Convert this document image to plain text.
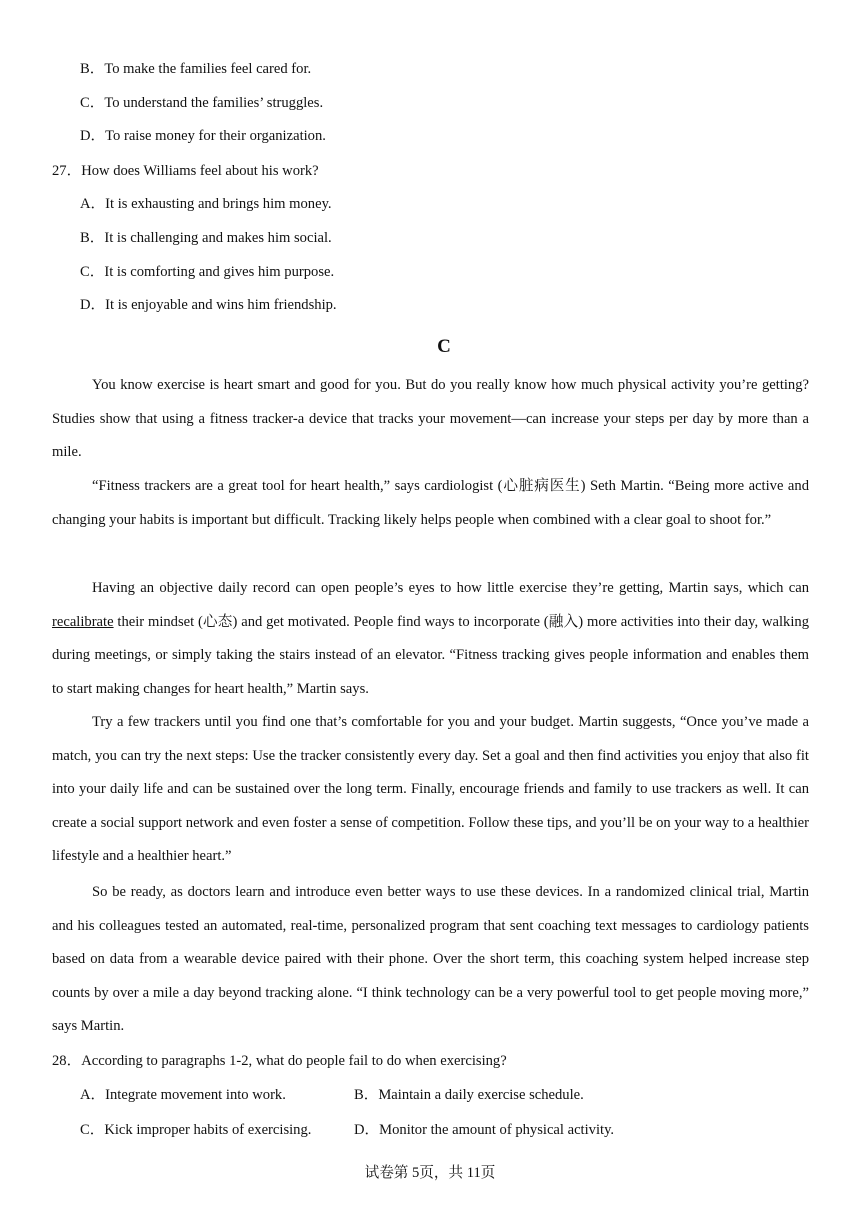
B．To make the families feel cared for.
C．To understand the families’ struggles.
D．To raise money for their organization.
27．How does Williams feel about his work?
A．It is exhausting and brings him money.
B．It is challenging and makes him social.
C．It is comforting and gives him purpose.
D．It is enjoyable and wins him friendship.
C

You know exercise is heart smart and good for you. But do you really know how much physical activity you’re getting? Studies show that using a fitness tracker-a device that tracks your movement—can increase your steps per day by more than a mile.

“Fitness trackers are a great tool for heart health,” says cardiologist (心脏病医生) Seth Martin. “Being more active and changing your habits is important but difficult. Tracking likely helps people when combined with a clear goal to shoot for.”

Having an objective daily record can open people’s eyes to how little exercise they’re getting, Martin says, which can recalibrate their mindset (心态) and get motivated. People find ways to incorporate (融入) more activities into their day, walking during meetings, or simply taking the stairs instead of an elevator. “Fitness tracking gives people information and enables them to start making changes for heart health,” Martin says.

Try a few trackers until you find one that’s comfortable for you and your budget. Martin suggests, “Once you’ve made a match, you can try the next steps: Use the tracker consistently every day. Set a goal and then find activities you enjoy that also fit into your daily life and can be sustained over the long term. Finally, encourage friends and family to use trackers as well. It can create a social support network and even foster a sense of competition. Follow these tips, and you’ll be on your way to a healthier lifestyle and a healthier heart.”

So be ready, as doctors learn and introduce even better ways to use these devices. In a randomized clinical trial, Martin and his colleagues tested an automated, real-time, personalized program that sent coaching text messages to cardiology patients based on data from a wearable device paired with their phone. Over the short term, this coaching system helped increase step counts by over a mile a day beyond tracking alone. “I think technology can be a very powerful tool to get people moving more,” says Martin.

28．According to paragraphs 1-2, what do people fail to do when exercising?
A．Integrate movement into work.	B．Maintain a daily exercise schedule.
C．Kick improper habits of exercising.	D．Monitor the amount of physical activity.
试卷第 5页，共 11页
